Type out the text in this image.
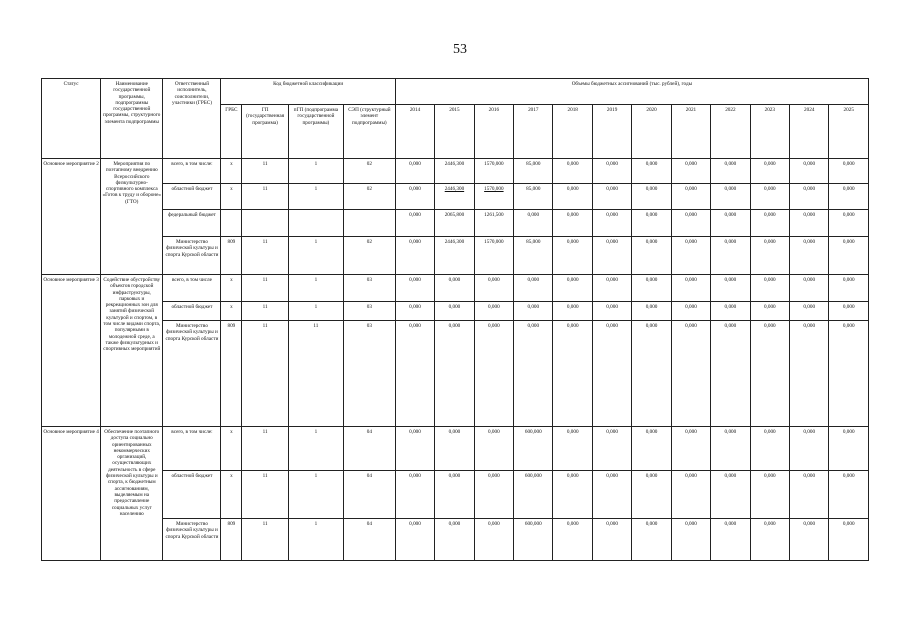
53
Статус	Наименование государственной программы, подпрограммы государственной программы, структурного элемента подпрограммы	Ответственный исполнитель, соисполнители, участники (ГРБС)	Код бюджетной классификации				Объемы бюджетных ассигнований (тыс. рублей), годы											
			ГРБС	ГП (государственная программа)	пГП (подпрограмма государственной программы)	СЭП (структурный элемент подпрограммы)	2014	2015	2016	2017	2018	2019	2020	2021	2022	2023	2024	2025
Основное мероприятие 2	Мероприятия по поэтапному внедрению Всероссийского физкультурно-спортивного комплекса «Готов к труду и обороне» (ГТО)	всего, в том числе:	x	11	1	02	0,000	2446,300	1570,000	85,000	0,000	0,000	0,000	0,000	0,000	0,000	0,000	0,000
		областной бюджет	x	11	1	02	0,000	2446,300	1570,000	85,000	0,000	0,000	0,000	0,000	0,000	0,000	0,000	0,000
		федеральный бюджет					0,000	2065,800	1261,500	0,000	0,000	0,000	0,000	0,000	0,000	0,000	0,000	0,000
		Министерство физической культуры и спорта Курской области	809	11	1	02	0,000	2446,300	1570,000	85,000	0,000	0,000	0,000	0,000	0,000	0,000	0,000	0,000
Основное мероприятие 3	Содействие обустройству объектов городской инфраструктуры, парковых и рекреационных зон для занятий физической культурой и спортом, в том числе видами спорта, популярными в молодежной среде, а также физкультурных и спортивных мероприятий	всего, в том числе	x	11	1	03	0,000	0,000	0,000	0,000	0,000	0,000	0,000	0,000	0,000	0,000	0,000	0,000
		областной бюджет	x	11	1	03	0,000	0,000	0,000	0,000	0,000	0,000	0,000	0,000	0,000	0,000	0,000	0,000
		Министерство физической культуры и спорта Курской области	809	11	11	03	0,000	0,000	0,000	0,000	0,000	0,000	0,000	0,000	0,000	0,000	0,000	0,000
Основное мероприятие 4	Обеспечение поэтапного доступа социально ориентированных некоммерческих организаций, осуществляющих деятельность в сфере физической культуры и спорта, к бюджетным ассигнованиям, выделяемым на предоставление социальных услуг населению	всего, в том числе:	x	11	1	04	0,000	0,000	0,000	600,000	0,000	0,000	0,000	0,000	0,000	0,000	0,000	0,000
		областной бюджет	x	11	1	04	0,000	0,000	0,000	600,000	0,000	0,000	0,000	0,000	0,000	0,000	0,000	0,000
		Министерство физической культуры и спорта Курской области	809	11	1	04	0,000	0,000	0,000	600,000	0,000	0,000	0,000	0,000	0,000	0,000	0,000	0,000
